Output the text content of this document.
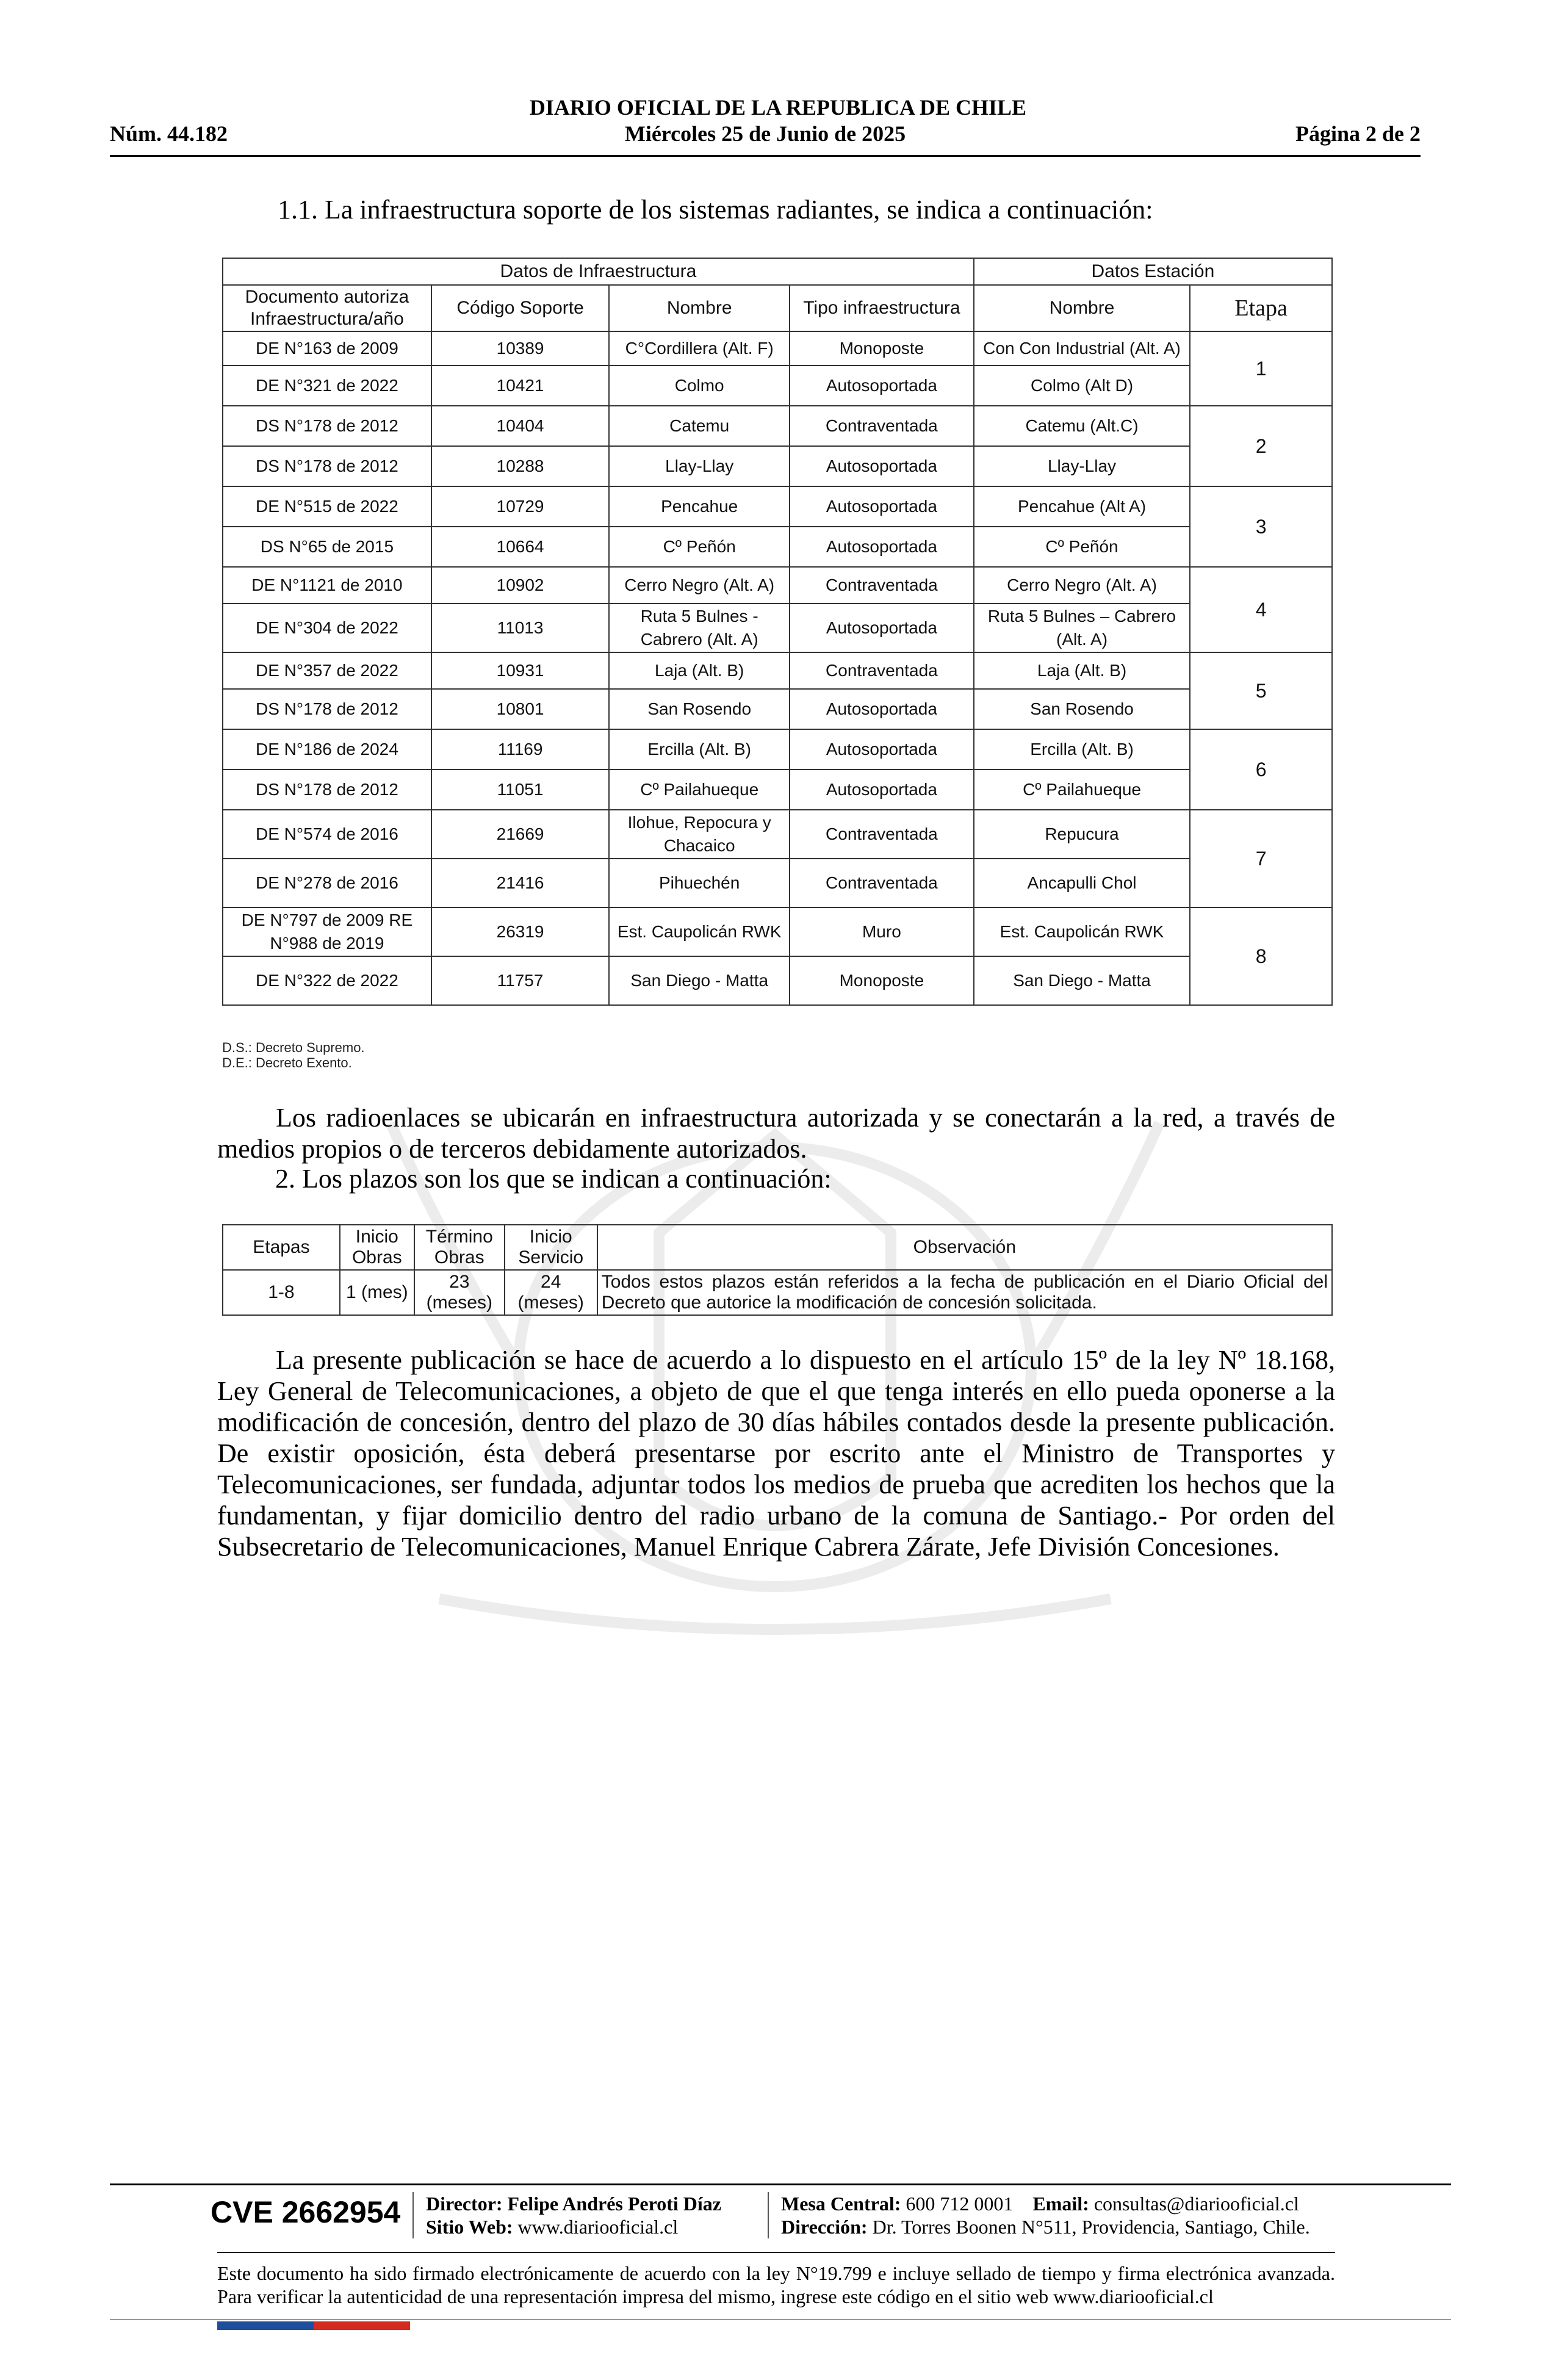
DIARIO OFICIAL DE LA REPUBLICA DE CHILE
Núm. 44.182	Miércoles 25 de Junio de 2025	Página 2 de 2
1.1. La infraestructura soporte de los sistemas radiantes, se indica a continuación:
Datos de Infraestructura				Datos Estación	
Documento autoriza Infraestructura/año	Código Soporte	Nombre	Tipo infraestructura	Nombre	Etapa
DE N°163 de 2009	10389	C°Cordillera (Alt. F)	Monoposte	Con Con Industrial (Alt. A)	1
DE N°321 de 2022	10421	Colmo	Autosoportada	Colmo (Alt D)	
DS N°178 de 2012	10404	Catemu	Contraventada	Catemu (Alt.C)	2
DS N°178 de 2012	10288	Llay-Llay	Autosoportada	Llay-Llay	
DE N°515 de 2022	10729	Pencahue	Autosoportada	Pencahue (Alt A)	3
DS N°65 de 2015	10664	Cº Peñón	Autosoportada	Cº Peñón	
DE N°1121 de 2010	10902	Cerro Negro (Alt. A)	Contraventada	Cerro Negro (Alt. A)	4
DE N°304 de 2022	11013	Ruta 5 Bulnes - Cabrero (Alt. A)	Autosoportada	Ruta 5 Bulnes – Cabrero (Alt. A)	
DE N°357 de 2022	10931	Laja (Alt. B)	Contraventada	Laja (Alt. B)	5
DS N°178 de 2012	10801	San Rosendo	Autosoportada	San Rosendo	
DE N°186 de 2024	11169	Ercilla (Alt. B)	Autosoportada	Ercilla (Alt. B)	6
DS N°178 de 2012	11051	Cº Pailahueque	Autosoportada	Cº Pailahueque	
DE N°574 de 2016	21669	Ilohue, Repocura y Chacaico	Contraventada	Repucura	7
DE N°278 de 2016	21416	Pihuechén	Contraventada	Ancapulli Chol	
DE N°797 de 2009 RE N°988 de 2019	26319	Est. Caupolicán RWK	Muro	Est. Caupolicán RWK	8
DE N°322 de 2022	11757	San Diego - Matta	Monoposte	San Diego - Matta	
D.S.: Decreto Supremo.
D.E.: Decreto Exento.
Los radioenlaces se ubicarán en infraestructura autorizada y se conectarán a la red, a través de medios propios o de terceros debidamente autorizados.
2. Los plazos son los que se indican a continuación:
Etapas	Inicio Obras	Término Obras	Inicio Servicio	Observación
1-8	1 (mes)	23 (meses)	24 (meses)	Todos estos plazos están referidos a la fecha de publicación en el Diario Oficial del Decreto que autorice la modificación de concesión solicitada.
La presente publicación se hace de acuerdo a lo dispuesto en el artículo 15º de la ley Nº 18.168, Ley General de Telecomunicaciones, a objeto de que el que tenga interés en ello pueda oponerse a la modificación de concesión, dentro del plazo de 30 días hábiles contados desde la presente publicación. De existir oposición, ésta deberá presentarse por escrito ante el Ministro de Transportes y Telecomunicaciones, ser fundada, adjuntar todos los medios de prueba que acrediten los hechos que la fundamentan, y fijar domicilio dentro del radio urbano de la comuna de Santiago.- Por orden del Subsecretario de Telecomunicaciones, Manuel Enrique Cabrera Zárate, Jefe División Concesiones.
CVE 2662954 Director: Felipe Andrés Peroti Díaz
Sitio Web: www.diariooficial.cl
Mesa Central: 600 712 0001 Email: consultas@diariooficial.cl
Dirección: Dr. Torres Boonen N°511, Providencia, Santiago, Chile.
Este documento ha sido firmado electrónicamente de acuerdo con la ley N°19.799 e incluye sellado de tiempo y firma electrónica avanzada. Para verificar la autenticidad de una representación impresa del mismo, ingrese este código en el sitio web www.diariooficial.cl
